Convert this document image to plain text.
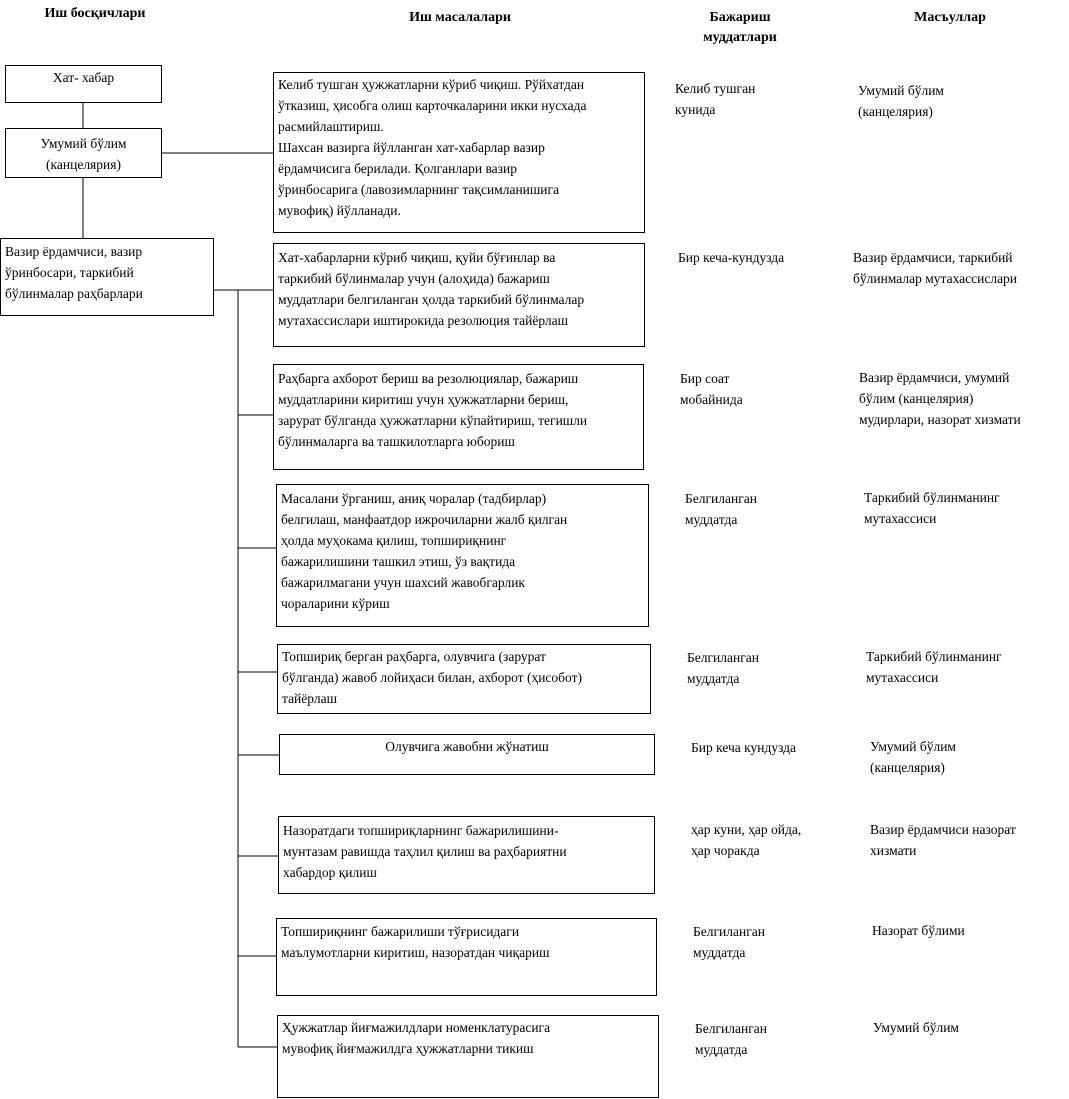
Иш босқичлари	Иш масалалари	Бажариш
муддатлари
Масъуллар
Хат- хабар
Умумий бўлим
(канцелярия)
Вазир ёрдамчиси, вазир
ўринбосари, таркибий
бўлинмалар раҳбарлари
Келиб тушган ҳужжатларни кўриб чиқиш. Рўйхатдан
ўтказиш, ҳисобга олиш карточкаларини икки нусхада
расмийлаштириш.
Шахсан вазирга йўлланган хат-хабарлар вазир
ёрдамчисига берилади. Қолганлари вазир
ўринбосарига (лавозимларнинг тақсимланишига
мувофиқ) йўлланади.
Хат-хабарларни кўриб чиқиш, қуйи бўғинлар ва
таркибий бўлинмалар учун (алоҳида) бажариш
муддатлари белгиланган ҳолда таркибий бўлинмалар
мутахассислари иштирокида резолюция тайёрлаш
Раҳбарга ахборот бериш ва резолюциялар, бажариш
муддатларини киритиш учун ҳужжатларни бериш,
зарурат бўлганда ҳужжатларни кўпайтириш, тегишли
бўлинмаларга ва ташкилотларга юбориш
Масалани ўрганиш, аниқ чоралар (тадбирлар)
белгилаш, манфаатдор ижрочиларни жалб қилган
ҳолда муҳокама қилиш, топшириқнинг
бажарилишини ташкил этиш, ўз вақтида
бажарилмагани учун шахсий жавобгарлик
чораларини кўриш
Топшириқ берган раҳбарга, олувчига (зарурат
бўлганда) жавоб лойиҳаси билан, ахборот (ҳисобот)
тайёрлаш
Олувчига жавобни жўнатиш
Назоратдаги топшириқларнинг бажарилишини-
мунтазам равишда таҳлил қилиш ва раҳбариятни
хабардор қилиш
Топшириқнинг бажарилиши тўғрисидаги
маълумотларни киритиш, назоратдан чиқариш
Ҳужжатлар йиғмажилдлари номенклатурасига
мувофиқ йиғмажилдга ҳужжатларни тикиш
Келиб тушган
кунида
Бир кеча-кундузда
Бир соат
мобайнида
Белгиланган
муддатда
Белгиланган
муддатда
Бир кеча кундузда
ҳар куни, ҳар ойда,
ҳар чоракда
Белгиланган
муддатда
Белгиланган
муддатда
Умумий бўлим
(канцелярия)
Вазир ёрдамчиси, таркибий
бўлинмалар мутахассислари
Вазир ёрдамчиси, умумий
бўлим (канцелярия)
мудирлари, назорат хизмати
Таркибий бўлинманинг
мутахассиси
Таркибий бўлинманинг
мутахассиси
Умумий бўлим
(канцелярия)
Вазир ёрдамчиси назорат
хизмати
Назорат бўлими
Умумий бўлим
